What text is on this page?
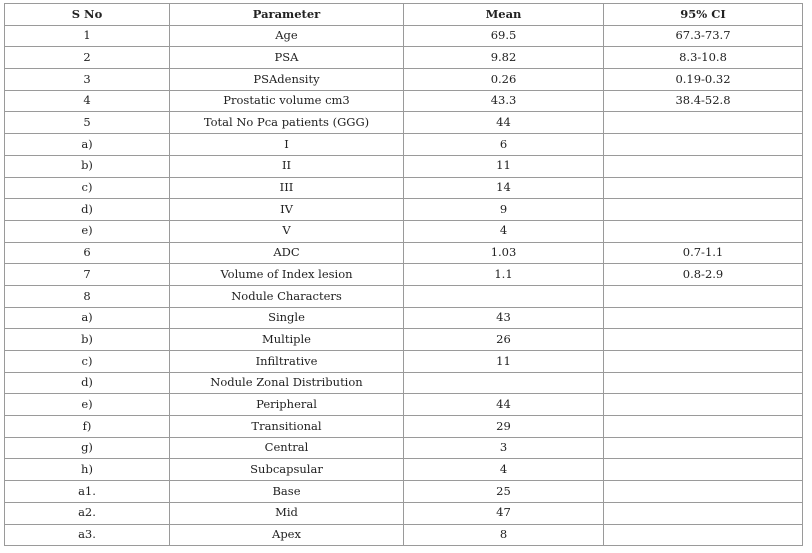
S No	Parameter	Mean	95% CI
1	Age	69.5	67.3-73.7
2	PSA	9.82	8.3-10.8
3	PSAdensity	0.26	0.19-0.32
4	Prostatic volume cm3	43.3	38.4-52.8
5	Total No Pca patients (GGG)	44	
a)	I	6	
b)	II	11	
c)	III	14	
d)	IV	9	
e)	V	4	
6	ADC	1.03	0.7-1.1
7	Volume of Index lesion	1.1	0.8-2.9
8	Nodule Characters		
a)	Single	43	
b)	Multiple	26	
c)	Infiltrative	11	
d)	Nodule Zonal Distribution		
e)	Peripheral	44	
f)	Transitional	29	
g)	Central	3	
h)	Subcapsular	4	
a1.	Base	25	
a2.	Mid	47	
a3.	Apex	8	
